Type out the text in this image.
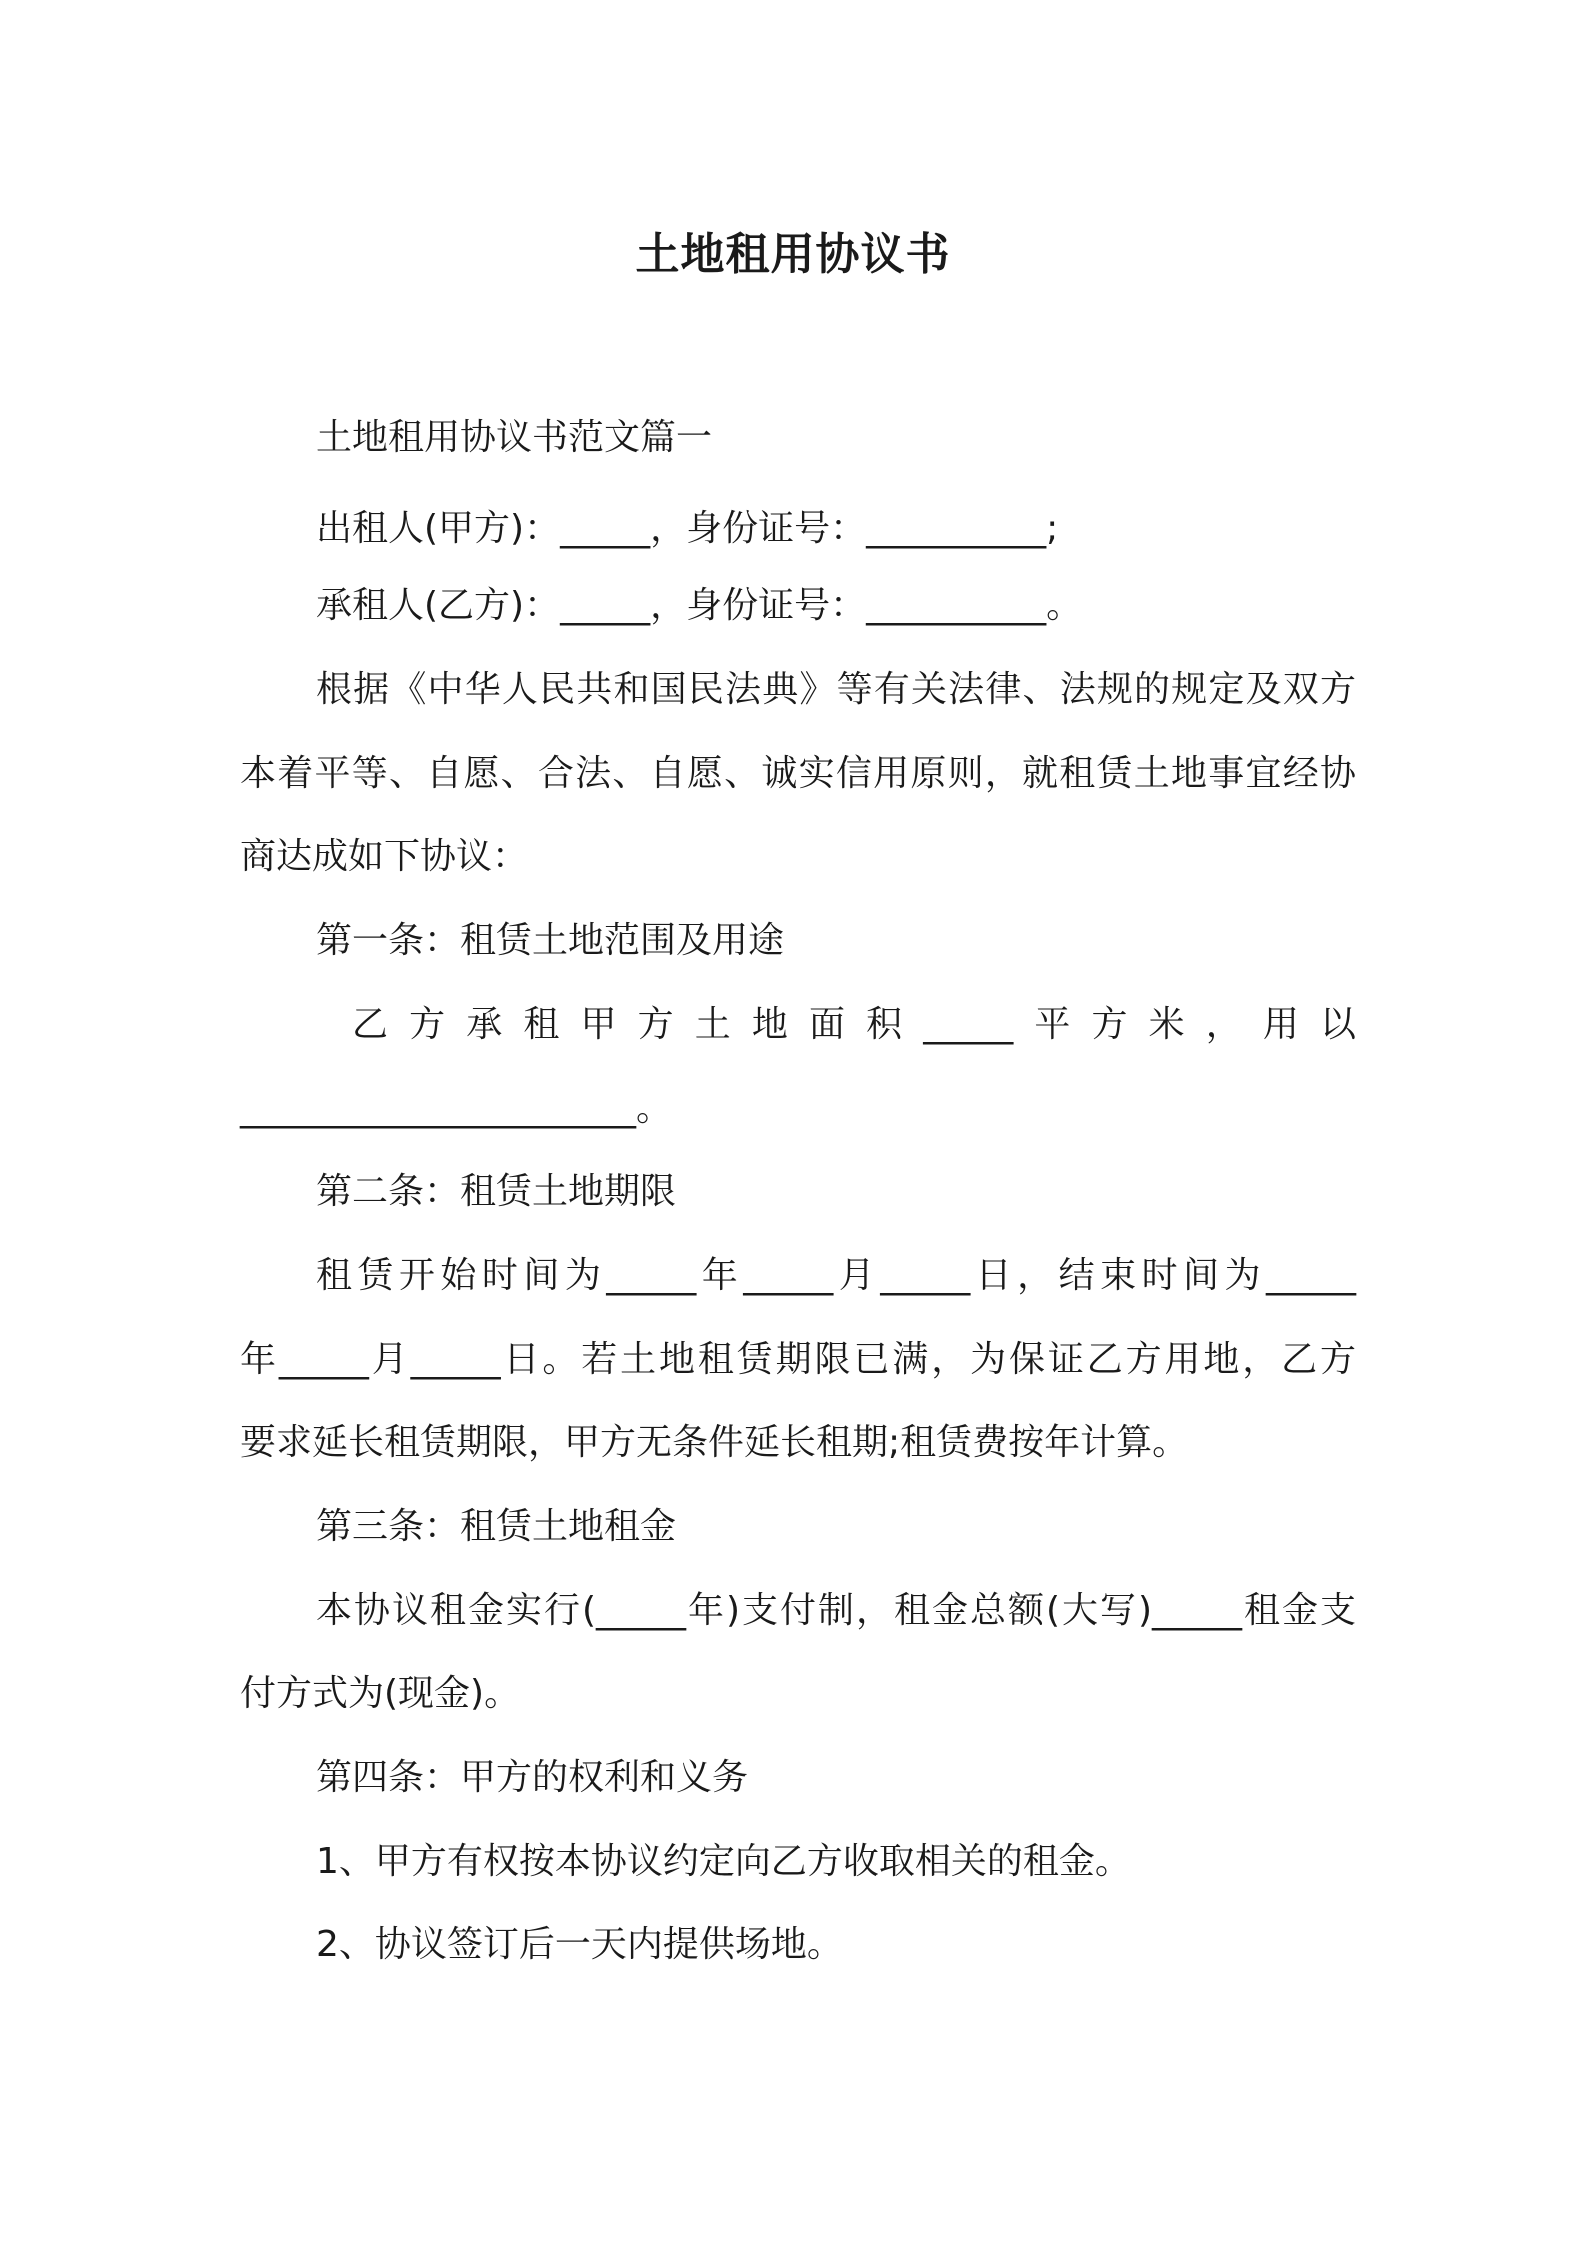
土地租用协议书
土地租用协议书范文篇一
出租人(甲方)：_____，身份证号：__________;
承租人(乙方)：_____，身份证号：__________。
根据《中华人民共和国民法典》等有关法律、法规的规定及双方
本着平等、自愿、合法、自愿、诚实信用原则，就租赁土地事宜经协
商达成如下协议：
第一条：租赁土地范围及用途
乙方承租甲方土地面积_____平方米，用以
______________________。
第二条：租赁土地期限
租赁开始时间为_____年_____月_____日，结束时间为_____
年_____月_____日。若土地租赁期限已满，为保证乙方用地，乙方
要求延长租赁期限，甲方无条件延长租期;租赁费按年计算。
第三条：租赁土地租金
本协议租金实行(_____年)支付制，租金总额(大写)_____租金支
付方式为(现金)。
第四条：甲方的权利和义务
1、甲方有权按本协议约定向乙方收取相关的租金。
2、协议签订后一天内提供场地。
